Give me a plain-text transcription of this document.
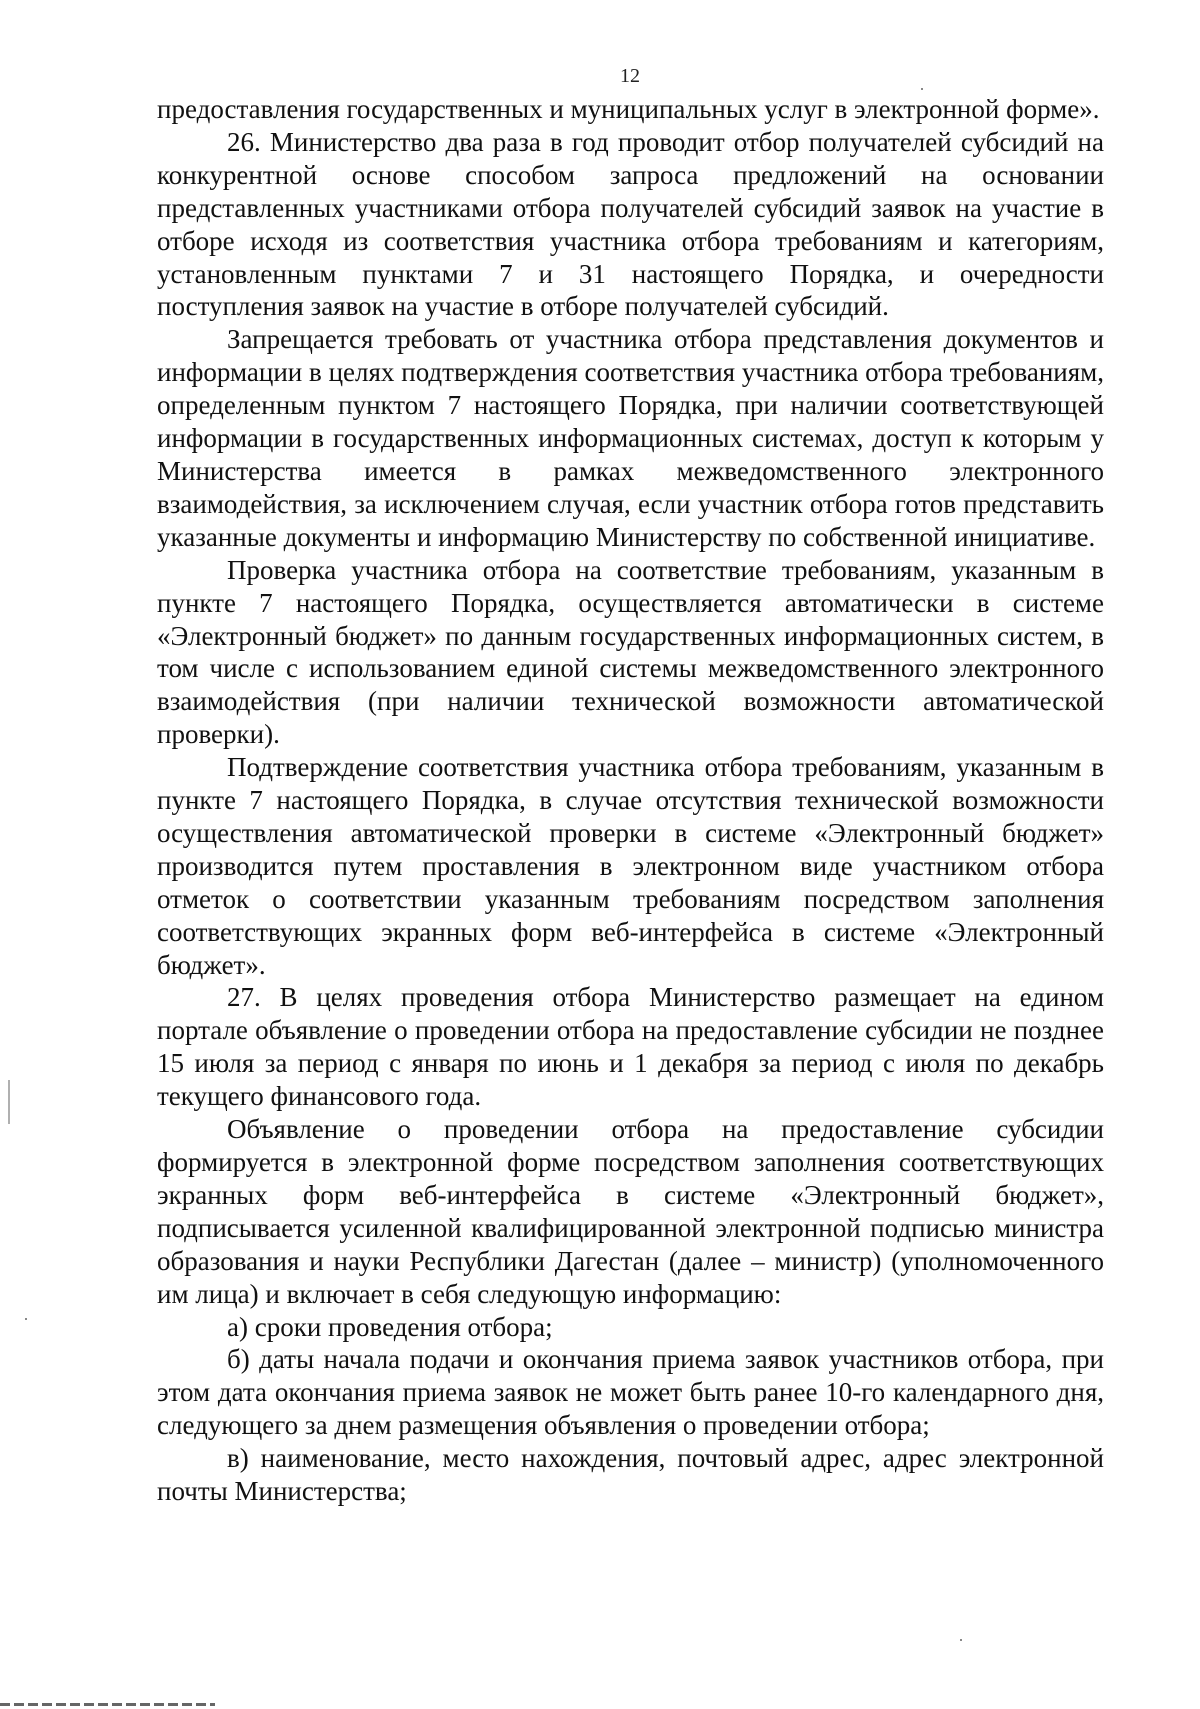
12

предоставления государственных и муниципальных услуг в электронной форме».

26. Министерство два раза в год проводит отбор получателей субсидий на конкурентной основе способом запроса предложений на основании представленных участниками отбора получателей субсидий заявок на участие в отборе исходя из соответствия участника отбора требованиям и категориям, установленным пунктами 7 и 31 настоящего Порядка, и очередности поступления заявок на участие в отборе получателей субсидий.

Запрещается требовать от участника отбора представления документов и информации в целях подтверждения соответствия участника отбора требованиям, определенным пунктом 7 настоящего Порядка, при наличии соответствующей информации в государственных информационных системах, доступ к которым у Министерства имеется в рамках межведомственного электронного взаимодействия, за исключением случая, если участник отбора готов представить указанные документы и информацию Министерству по собственной инициативе.

Проверка участника отбора на соответствие требованиям, указанным в пункте 7 настоящего Порядка, осуществляется автоматически в системе «Электронный бюджет» по данным государственных информационных систем, в том числе с использованием единой системы межведомственного электронного взаимодействия (при наличии технической возможности автоматической проверки).

Подтверждение соответствия участника отбора требованиям, указанным в пункте 7 настоящего Порядка, в случае отсутствия технической возможности осуществления автоматической проверки в системе «Электронный бюджет» производится путем проставления в электронном виде участником отбора отметок о соответствии указанным требованиям посредством заполнения соответствующих экранных форм веб-интерфейса в системе «Электронный бюджет».

27. В целях проведения отбора Министерство размещает на едином портале объявление о проведении отбора на предоставление субсидии не позднее 15 июля за период с января по июнь и 1 декабря за период с июля по декабрь текущего финансового года.

Объявление о проведении отбора на предоставление субсидии формируется в электронной форме посредством заполнения соответствующих экранных форм веб-интерфейса в системе «Электронный бюджет», подписывается усиленной квалифицированной электронной подписью министра образования и науки Республики Дагестан (далее – министр) (уполномоченного им лица) и включает в себя следующую информацию:

а) сроки проведения отбора;

б) даты начала подачи и окончания приема заявок участников отбора, при этом дата окончания приема заявок не может быть ранее 10-го календарного дня, следующего за днем размещения объявления о проведении отбора;

в) наименование, место нахождения, почтовый адрес, адрес электронной почты Министерства;
